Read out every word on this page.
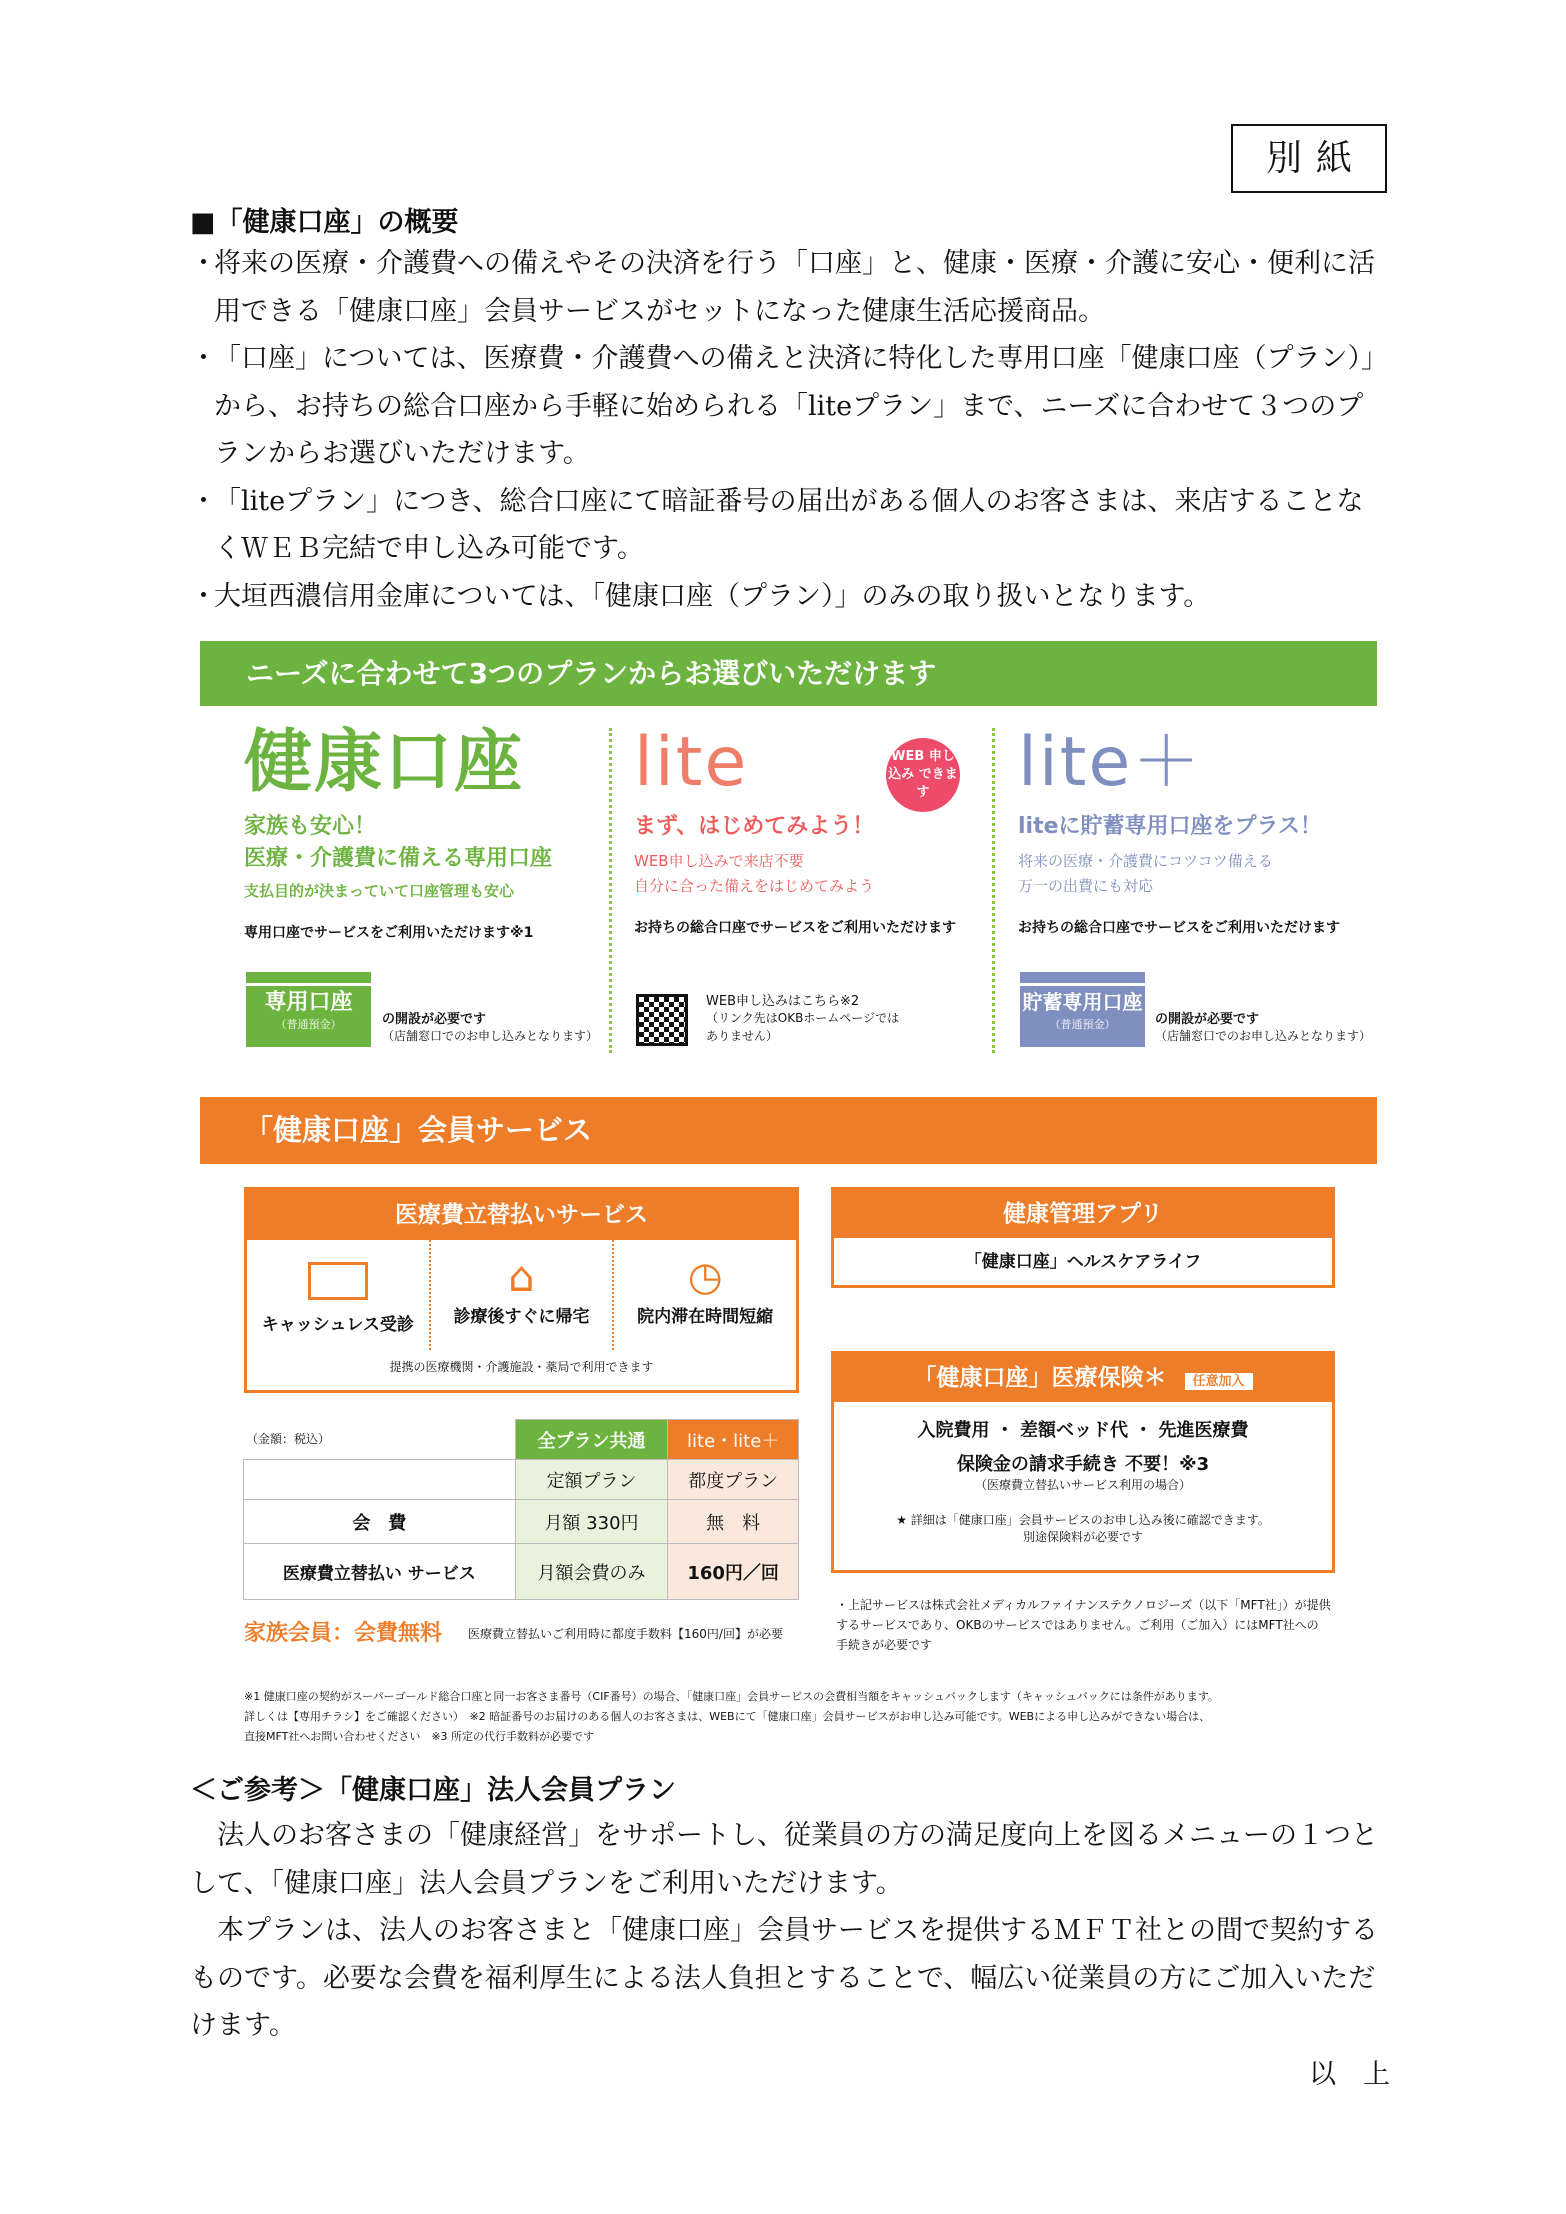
別紙
■「健康口座」の概要
・
将来の医療・介護費への備えやその決済を行う「口座」と、健康・医療・介護に安心・便利に活用できる「健康口座」会員サービスがセットになった健康生活応援商品。
・
「口座」については、医療費・介護費への備えと決済に特化した専用口座「健康口座（プラン）」から、お持ちの総合口座から手軽に始められる「liteプラン」まで、ニーズに合わせて３つのプランからお選びいただけます。
・
「liteプラン」につき、総合口座にて暗証番号の届出がある個人のお客さまは、来店することなくＷＥＢ完結で申し込み可能です。
・
大垣西濃信用金庫については、「健康口座（プラン）」のみの取り扱いとなります。
ニーズに合わせて3つのプランからお選びいただけます
健康口座
家族も安心！
医療・介護費に備える専用口座
支払目的が決まっていて口座管理も安心
専用口座でサービスをご利用いただけます※1
専用口座
（普通預金）	の開設が必要です
（店舗窓口でのお申し込みとなります）
lite
まず、はじめてみよう！
WEB申し込みで来店不要
自分に合った備えをはじめてみよう
お持ちの総合口座でサービスをご利用いただけます
WEB 申し込み できます
WEB申し込みはこちら※2
（リンク先はOKBホームページでは
ありません）
lite＋
liteに貯蓄専用口座をプラス！
将来の医療・介護費にコツコツ備える
万一の出費にも対応
お持ちの総合口座でサービスをご利用いただけます
貯蓄専用口座
（普通預金）	の開設が必要です
（店舗窓口でのお申し込みとなります）
「健康口座」会員サービス
医療費立替払いサービス
キャッシュレス受診
⌂
診療後すぐに帰宅
◷
院内滞在時間短縮
提携の医療機関・介護施設・薬局で利用できます
（金額：税込）
		全プラン共通	lite・lite＋
	定額プラン	都度プラン
会　費	月額 330円	無　料
医療費立替払い サービス	月額会費のみ	160円／回
家族会員：会費無料 医療費立替払いご利用時に都度手数料【160円/回】が必要
健康管理アプリ
「健康口座」ヘルスケアライフ
「健康口座」医療保険＊ 任意加入
入院費用 ・ 差額ベッド代 ・ 先進医療費
保険金の請求手続き 不要！※3
（医療費立替払いサービス利用の場合）
★ 詳細は「健康口座」会員サービスのお申し込み後に確認できます。
別途保険料が必要です
・上記サービスは株式会社メディカルファイナンステクノロジーズ（以下「MFT社」）が提供
するサービスであり、OKBのサービスではありません。ご利用（ご加入）にはMFT社への
手続きが必要です
※1 健康口座の契約がスーパーゴールド総合口座と同一お客さま番号（CIF番号）の場合、「健康口座」会員サービスの会費相当額をキャッシュバックします（キャッシュバックには条件があります。
詳しくは【専用チラシ】をご確認ください）　※2 暗証番号のお届けのある個人のお客さまは、WEBにて「健康口座」会員サービスがお申し込み可能です。WEBによる申し込みができない場合は、
直接MFT社へお問い合わせください　※3 所定の代行手数料が必要です
＜ご参考＞「健康口座」法人会員プラン
法人のお客さまの「健康経営」をサポートし、従業員の方の満足度向上を図るメニューの１つとして、「健康口座」法人会員プランをご利用いただけます。
本プランは、法人のお客さまと「健康口座」会員サービスを提供するＭＦＴ社との間で契約するものです。必要な会費を福利厚生による法人負担とすることで、幅広い従業員の方にご加入いただけます。
以　上
